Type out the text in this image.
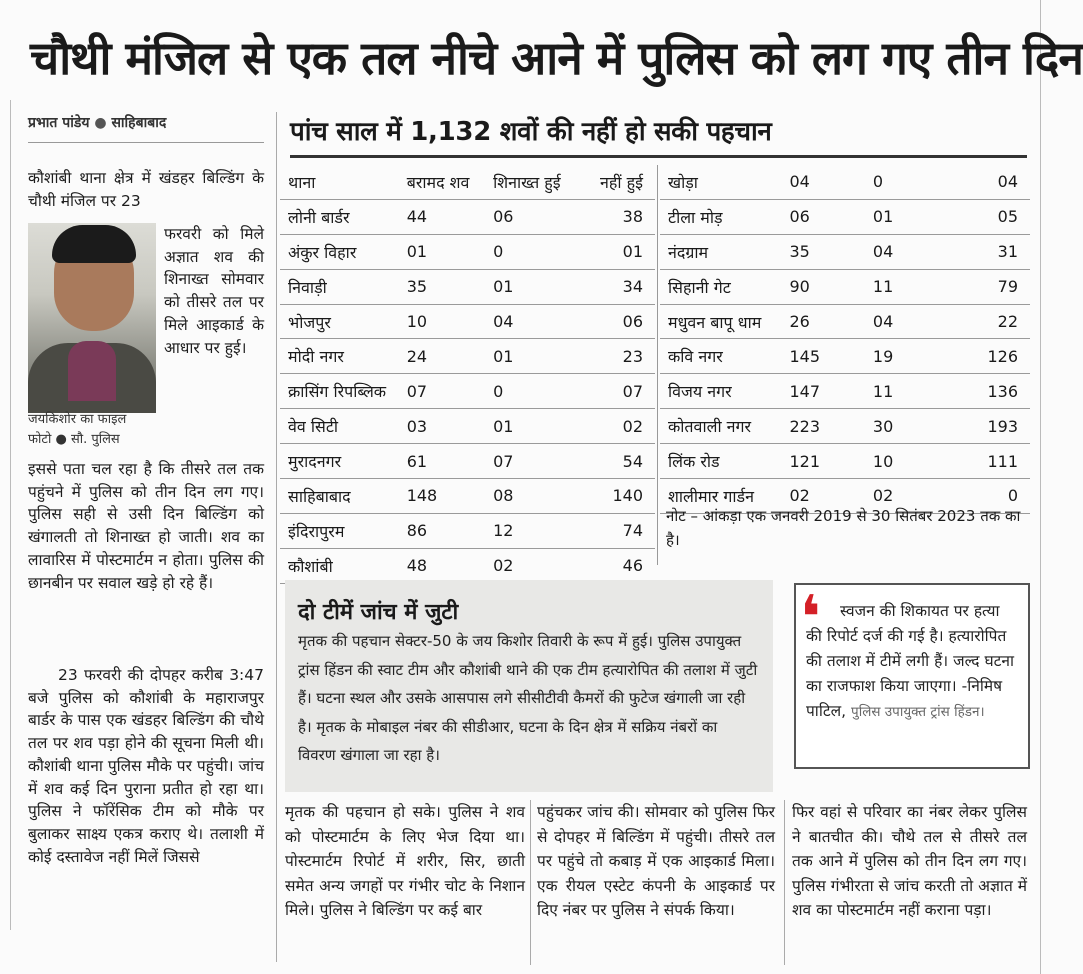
चौथी मंजिल से एक तल नीचे आने में पुलिस को लग गए तीन दिन
प्रभात पांडेय ● साहिबाबाद
कौशांबी थाना क्षेत्र में खंडहर बिल्डिंग के चौथी मंजिल पर 23
जयकिशोर का फाइल
फोटो ● सौ. पुलिस
फरवरी को मिले अज्ञात शव की शिनाख्त सोमवार को तीसरे तल पर मिले आइकार्ड के आधार पर हुई।
इससे पता चल रहा है कि तीसरे तल तक पहुंचने में पुलिस को तीन दिन लग गए। पुलिस सही से उसी दिन बिल्डिंग को खंगालती तो शिनाख्त हो जाती। शव का लावारिस में पोस्टमार्टम न होता। पुलिस की छानबीन पर सवाल खड़े हो रहे हैं।
23 फरवरी की दोपहर करीब 3:47 बजे पुलिस को कौशांबी के महाराजपुर बार्डर के पास एक खंडहर बिल्डिंग की चौथे तल पर शव पड़ा होने की सूचना मिली थी। कौशांबी थाना पुलिस मौके पर पहुंची। जांच में शव कई दिन पुराना प्रतीत हो रहा था। पुलिस ने फॉरेंसिक टीम को मौके पर बुलाकर साक्ष्य एकत्र कराए थे। तलाशी में कोई दस्तावेज नहीं मिलें जिससे
पांच साल में 1,132 शवों की नहीं हो सकी पहचान
थाना	बरामद शव	शिनाख्त हुई	नहीं हुई
लोनी बार्डर	44	06	38
अंकुर विहार	01	0	01
निवाड़ी	35	01	34
भोजपुर	10	04	06
मोदी नगर	24	01	23
क्रासिंग रिपब्लिक	07	0	07
वेव सिटी	03	01	02
मुरादनगर	61	07	54
साहिबाबाद	148	08	140
इंदिरापुरम	86	12	74
कौशांबी	48	02	46
खोड़ा	04	0	04
टीला मोड़	06	01	05
नंदग्राम	35	04	31
सिहानी गेट	90	11	79
मधुवन बापू धाम	26	04	22
कवि नगर	145	19	126
विजय नगर	147	11	136
कोतवाली नगर	223	30	193
लिंक रोड	121	10	111
शालीमार गार्डन	02	02	0
नोट – आंकड़ा एक जनवरी 2019 से 30 सितंबर 2023 तक का है।
दो टीमें जांच में जुटी
मृतक की पहचान सेक्टर-50 के जय किशोर तिवारी के रूप में हुई। पुलिस उपायुक्त ट्रांस हिंडन की स्वाट टीम और कौशांबी थाने की एक टीम हत्यारोपित की तलाश में जुटी हैं। घटना स्थल और उसके आसपास लगे सीसीटीवी कैमरों की फुटेज खंगाली जा रही है। मृतक के मोबाइल नंबर की सीडीआर, घटना के दिन क्षेत्र में सक्रिय नंबरों का विवरण खंगाला जा रहा है।
❛	स्वजन की शिकायत पर हत्या की रिपोर्ट दर्ज की गई है। हत्यारोपित की तलाश में टीमें लगी हैं। जल्द घटना का राजफाश किया जाएगा। -निमिष पाटिल, पुलिस उपायुक्त ट्रांस हिंडन।
मृतक की पहचान हो सके। पुलिस ने शव को पोस्टमार्टम के लिए भेज दिया था। पोस्टमार्टम रिपोर्ट में शरीर, सिर, छाती समेत अन्य जगहों पर गंभीर चोट के निशान मिले। पुलिस ने बिल्डिंग पर कई बार
पहुंचकर जांच की। सोमवार को पुलिस फिर से दोपहर में बिल्डिंग में पहुंची। तीसरे तल पर पहुंचे तो कबाड़ में एक आइकार्ड मिला। एक रीयल एस्टेट कंपनी के आइकार्ड पर दिए नंबर पर पुलिस ने संपर्क किया।
फिर वहां से परिवार का नंबर लेकर पुलिस ने बातचीत की। चौथे तल से तीसरे तल तक आने में पुलिस को तीन दिन लग गए। पुलिस गंभीरता से जांच करती तो अज्ञात में शव का पोस्टमार्टम नहीं कराना पड़ा।
